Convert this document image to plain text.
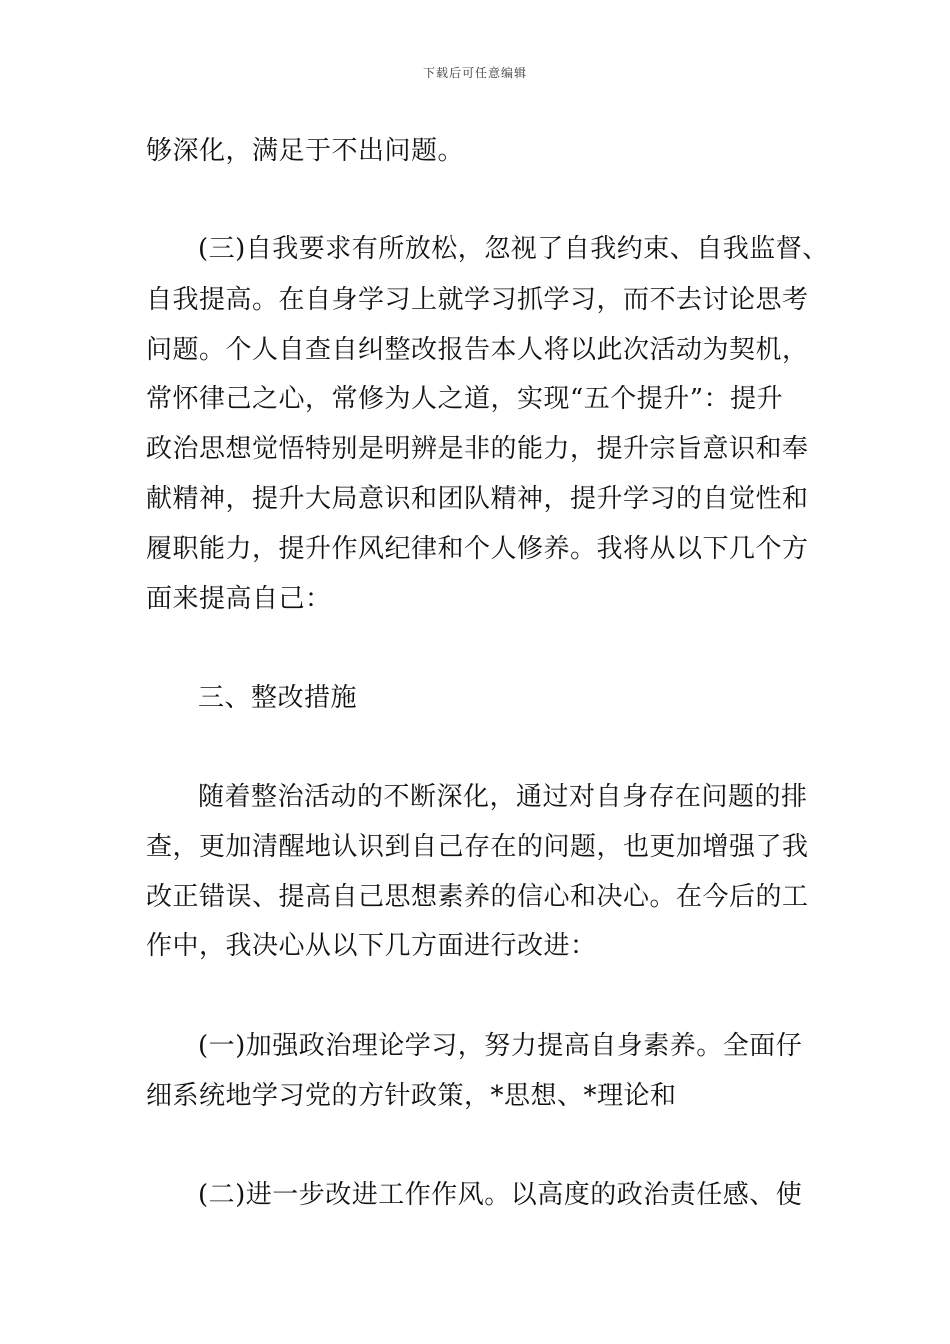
下载后可任意编辑
够深化，满足于不出问题。
(三)自我要求有所放松，忽视了自我约束、自我监督、
自我提高。在自身学习上就学习抓学习，而不去讨论思考
问题。个人自查自纠整改报告本人将以此次活动为契机，
常怀律己之心，常修为人之道，实现“五个提升”：提升
政治思想觉悟特别是明辨是非的能力，提升宗旨意识和奉
献精神，提升大局意识和团队精神，提升学习的自觉性和
履职能力，提升作风纪律和个人修养。我将从以下几个方
面来提高自己：
三、整改措施
随着整治活动的不断深化，通过对自身存在问题的排
查，更加清醒地认识到自己存在的问题，也更加增强了我
改正错误、提高自己思想素养的信心和决心。在今后的工
作中，我决心从以下几方面进行改进：
(一)加强政治理论学习，努力提高自身素养。全面仔
细系统地学习党的方针政策，*思想、*理论和
(二)进一步改进工作作风。以高度的政治责任感、使
